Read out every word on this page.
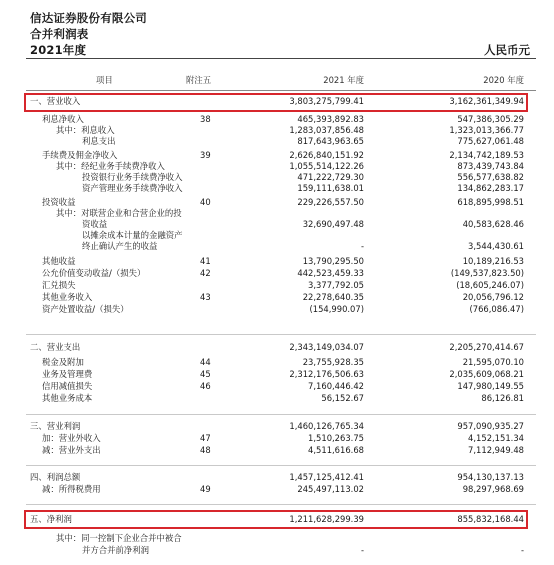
信达证券股份有限公司
合并利润表
2021年度	人民币元
项目	附注五	2021 年度	2020 年度
一、营业收入	3,803,275,799.41	3,162,361,349.94
利息净收入	38	465,393,892.83	547,386,305.29
其中：利息收入	1,283,037,856.48	1,323,013,366.77
利息支出	817,643,963.65	775,627,061.48
手续费及佣金净收入	39	2,626,840,151.92	2,134,742,189.53
其中：经纪业务手续费净收入	1,055,514,122.26	873,439,743.84
投资银行业务手续费净收入	471,222,729.30	556,577,638.82
资产管理业务手续费净收入	159,111,638.01	134,862,283.17
投资收益	40	229,226,557.50	618,895,998.51
其中：对联营企业和合营企业的投
资收益	32,690,497.48	40,583,628.46
以摊余成本计量的金融资产
终止确认产生的收益	-	3,544,430.61
其他收益	41	13,790,295.50	10,189,216.53
公允价值变动收益/（损失）	42	442,523,459.33	(149,537,823.50)
汇兑损失	3,377,792.05	(18,605,246.07)
其他业务收入	43	22,278,640.35	20,056,796.12
资产处置收益/（损失）	(154,990.07)	(766,086.47)
二、营业支出	2,343,149,034.07	2,205,270,414.67
税金及附加	44	23,755,928.35	21,595,070.10
业务及管理费	45	2,312,176,506.63	2,035,609,068.21
信用减值损失	46	7,160,446.42	147,980,149.55
其他业务成本	56,152.67	86,126.81
三、营业利润	1,460,126,765.34	957,090,935.27
加：营业外收入	47	1,510,263.75	4,152,151.34
减：营业外支出	48	4,511,616.68	7,112,949.48
四、利润总额	1,457,125,412.41	954,130,137.13
减：所得税费用	49	245,497,113.02	98,297,968.69
五、净利润	1,211,628,299.39	855,832,168.44
其中：同一控制下企业合并中被合
并方合并前净利润	-	-
